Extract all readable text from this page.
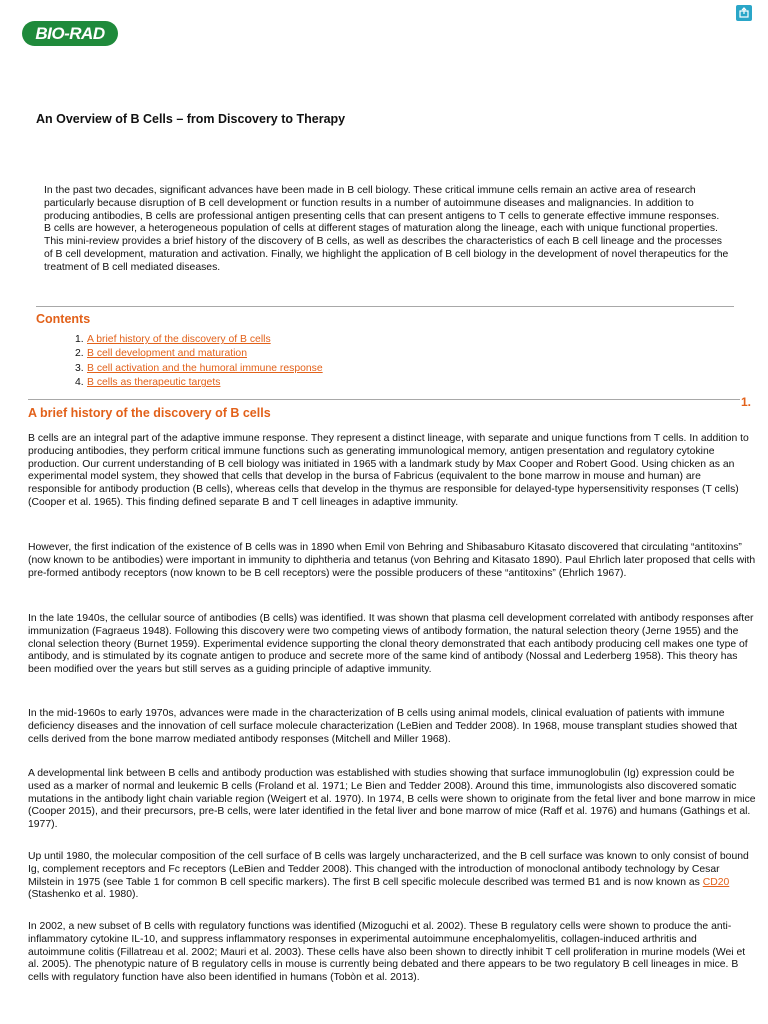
BIO-RAD
An Overview of B Cells – from Discovery to Therapy

In the past two decades, significant advances have been made in B cell biology. These critical immune cells remain an active area of research particularly because disruption of B cell development or function results in a number of autoimmune diseases and malignancies. In addition to producing antibodies, B cells are professional antigen presenting cells that can present antigens to T cells to generate effective immune responses. B cells are however, a heterogeneous population of cells at different stages of maturation along the lineage, each with unique functional properties. This mini-review provides a brief history of the discovery of B cells, as well as describes the characteristics of each B cell lineage and the processes of B cell development, maturation and activation. Finally, we highlight the application of B cell biology in the development of novel therapeutics for the treatment of B cell mediated diseases.

Contents
1. A brief history of the discovery of B cells
2. B cell development and maturation
3. B cell activation and the humoral immune response
4. B cells as therapeutic targets
1.
A brief history of the discovery of B cells

B cells are an integral part of the adaptive immune response. They represent a distinct lineage, with separate and unique functions from T cells. In addition to producing antibodies, they perform critical immune functions such as generating immunological memory, antigen presentation and regulatory cytokine production. Our current understanding of B cell biology was initiated in 1965 with a landmark study by Max Cooper and Robert Good. Using chicken as an experimental model system, they showed that cells that develop in the bursa of Fabricus (equivalent to the bone marrow in mouse and human) are responsible for antibody production (B cells), whereas cells that develop in the thymus are responsible for delayed-type hypersensitivity responses (T cells) (Cooper et al. 1965). This finding defined separate B and T cell lineages in adaptive immunity.

However, the first indication of the existence of B cells was in 1890 when Emil von Behring and Shibasaburo Kitasato discovered that circulating “antitoxins” (now known to be antibodies) were important in immunity to diphtheria and tetanus (von Behring and Kitasato 1890). Paul Ehrlich later proposed that cells with pre-formed antibody receptors (now known to be B cell receptors) were the possible producers of these “antitoxins” (Ehrlich 1967).

In the late 1940s, the cellular source of antibodies (B cells) was identified. It was shown that plasma cell development correlated with antibody responses after immunization (Fagraeus 1948). Following this discovery were two competing views of antibody formation, the natural selection theory (Jerne 1955) and the clonal selection theory (Burnet 1959). Experimental evidence supporting the clonal theory demonstrated that each antibody producing cell makes one type of antibody, and is stimulated by its cognate antigen to produce and secrete more of the same kind of antibody (Nossal and Lederberg 1958). This theory has been modified over the years but still serves as a guiding principle of adaptive immunity.

In the mid-1960s to early 1970s, advances were made in the characterization of B cells using animal models, clinical evaluation of patients with immune deficiency diseases and the innovation of cell surface molecule characterization (LeBien and Tedder 2008). In 1968, mouse transplant studies showed that cells derived from the bone marrow mediated antibody responses (Mitchell and Miller 1968).

A developmental link between B cells and antibody production was established with studies showing that surface immunoglobulin (Ig) expression could be used as a marker of normal and leukemic B cells (Froland et al. 1971; Le Bien and Tedder 2008). Around this time, immunologists also discovered somatic mutations in the antibody light chain variable region (Weigert et al. 1970). In 1974, B cells were shown to originate from the fetal liver and bone marrow in mice (Cooper 2015), and their precursors, pre-B cells, were later identified in the fetal liver and bone marrow of mice (Raff et al. 1976) and humans (Gathings et al. 1977).

Up until 1980, the molecular composition of the cell surface of B cells was largely uncharacterized, and the B cell surface was known to only consist of bound Ig, complement receptors and Fc receptors (LeBien and Tedder 2008). This changed with the introduction of monoclonal antibody technology by Cesar Milstein in 1975 (see Table 1 for common B cell specific markers). The first B cell specific molecule described was termed B1 and is now known as CD20 (Stashenko et al. 1980).

In 2002, a new subset of B cells with regulatory functions was identified (Mizoguchi et al. 2002). These B regulatory cells were shown to produce the anti-inflammatory cytokine IL-10, and suppress inflammatory responses in experimental autoimmune encephalomyelitis, collagen-induced arthritis and autoimmune colitis (Fillatreau et al. 2002; Mauri et al. 2003). These cells have also been shown to directly inhibit T cell proliferation in murine models (Wei et al. 2005). The phenotypic nature of B regulatory cells in mouse is currently being debated and there appears to be two regulatory B cell lineages in mice. B cells with regulatory function have also been identified in humans (Tobòn et al. 2013).
